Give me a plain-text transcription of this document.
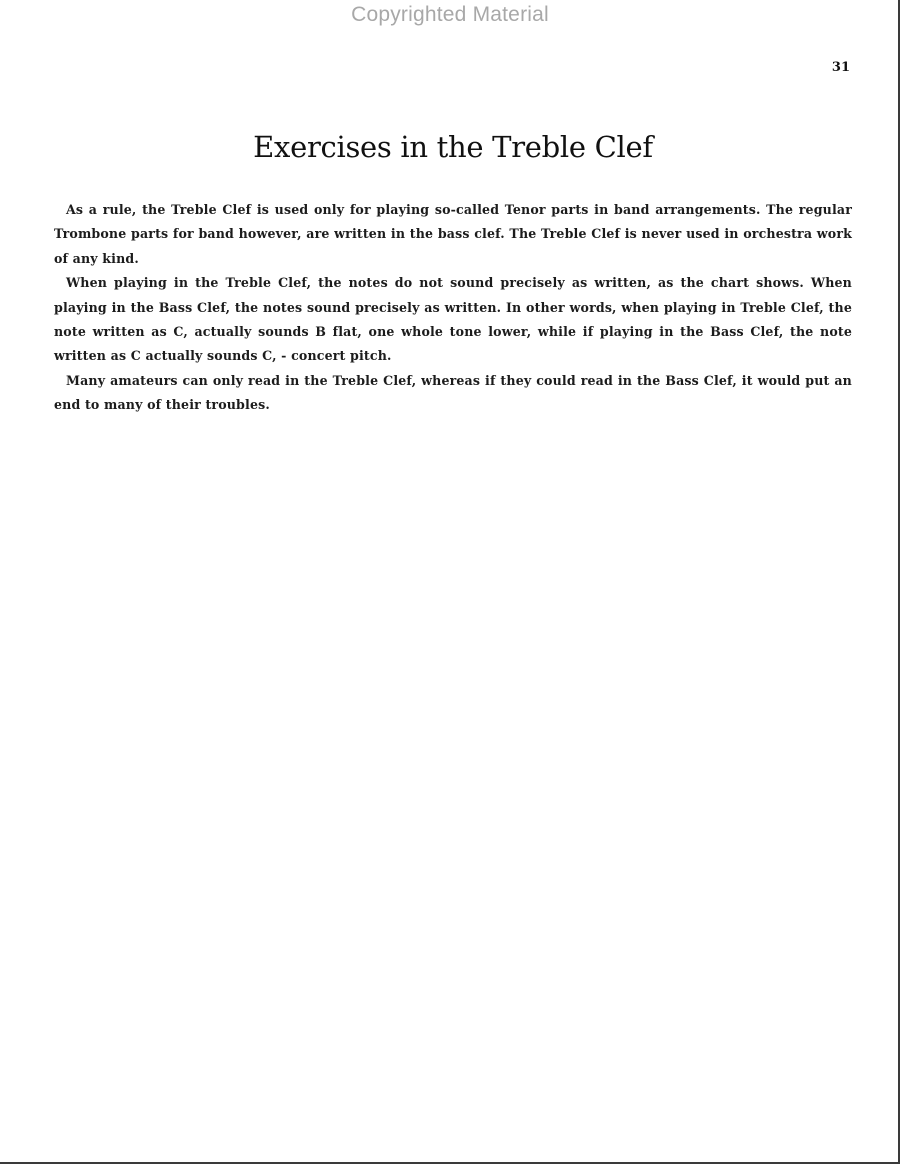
Copyrighted Material
31
Exercises in the Treble Clef

As a rule, the Treble Clef is used only for playing so-called Tenor parts in band arrangements. The regular Trombone parts for band however, are written in the bass clef. The Treble Clef is never used in orchestra work of any kind.

When playing in the Treble Clef, the notes do not sound precisely as written, as the chart shows. When playing in the Bass Clef, the notes sound precisely as written. In other words, when playing in Treble Clef, the note written as C, actually sounds B flat, one whole tone lower, while if playing in the Bass Clef, the note written as C actually sounds C, - concert pitch.

Many amateurs can only read in the Treble Clef, whereas if they could read in the Bass Clef, it would put an end to many of their troubles.
